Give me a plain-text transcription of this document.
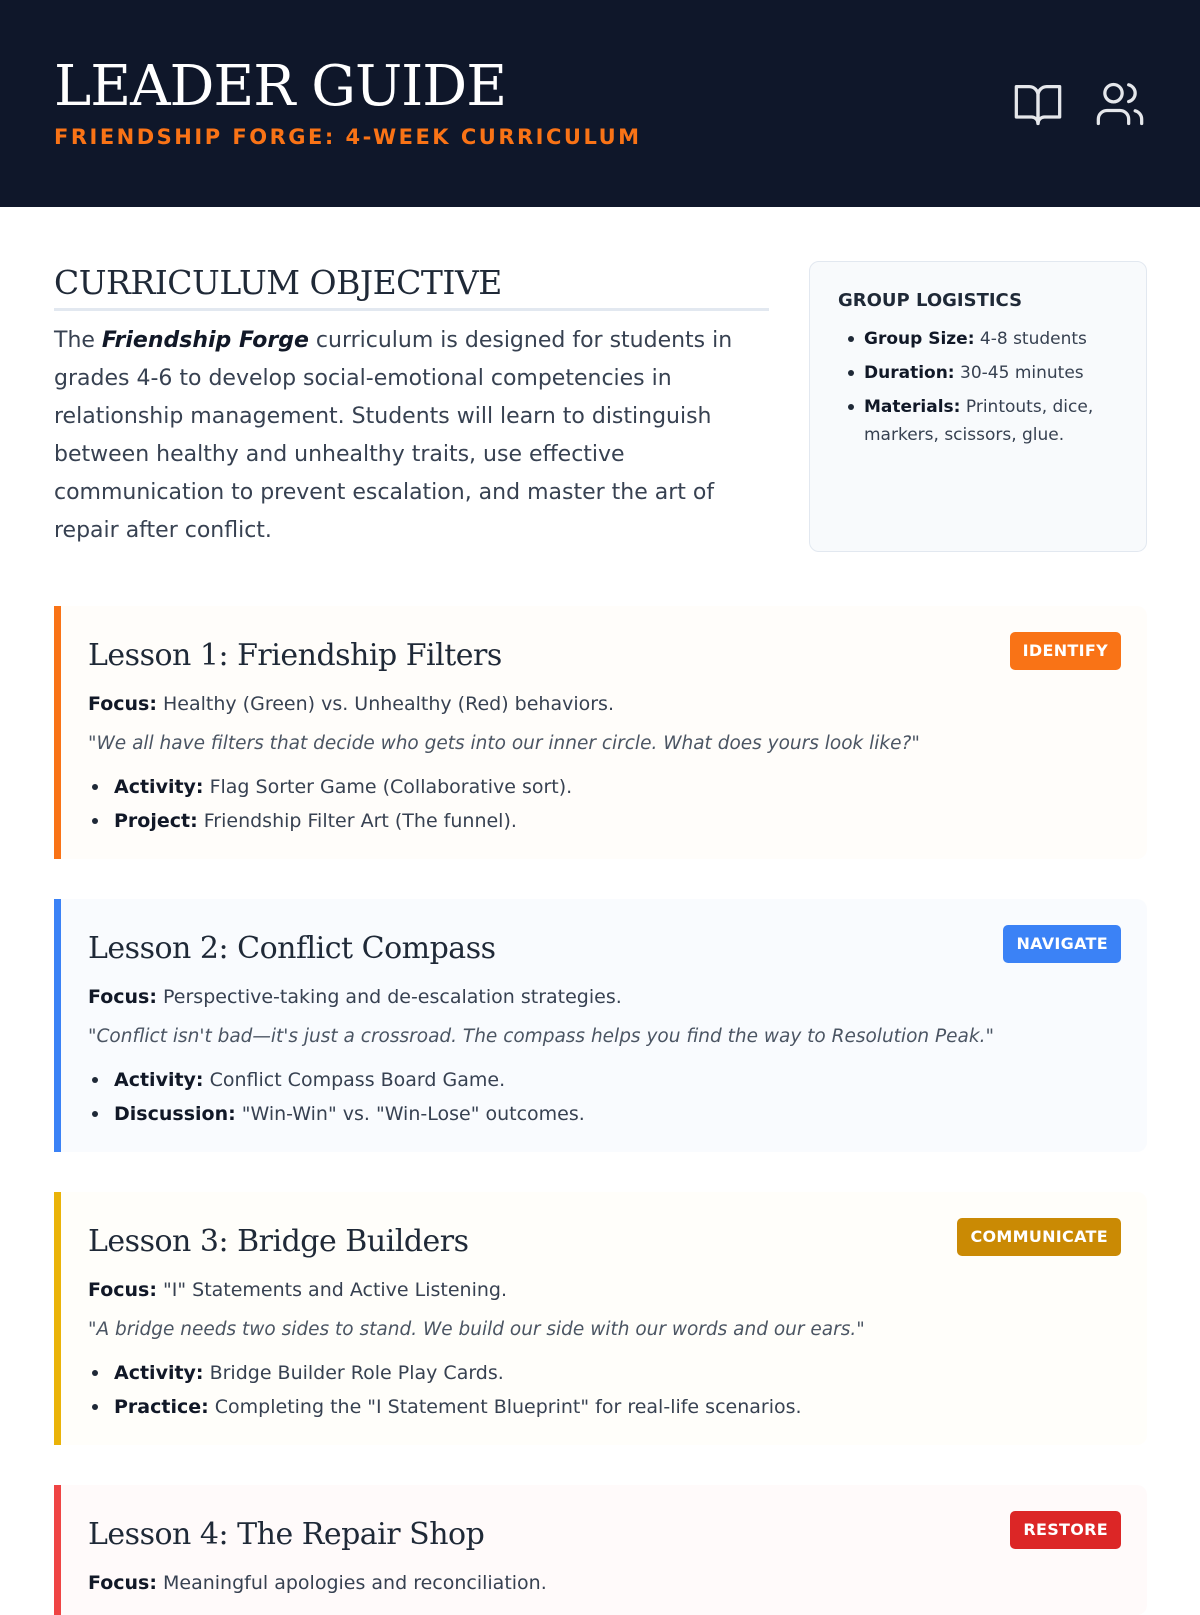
LEADER GUIDE
FRIENDSHIP FORGE: 4-WEEK CURRICULUM
CURRICULUM OBJECTIVE

The Friendship Forge curriculum is designed for students in grades 4-6 to develop social-emotional competencies in relationship management. Students will learn to distinguish between healthy and unhealthy traits, use effective communication to prevent escalation, and master the art of repair after conflict.

GROUP LOGISTICS
Group Size: 4-8 students
Duration: 30-45 minutes
Materials: Printouts, dice, markers, scissors, glue.
Lesson 1: Friendship Filters	IDENTIFY
Focus: Healthy (Green) vs. Unhealthy (Red) behaviors.
"We all have filters that decide who gets into our inner circle. What does yours look like?"
Activity: Flag Sorter Game (Collaborative sort).
Project: Friendship Filter Art (The funnel).
Lesson 2: Conflict Compass	NAVIGATE
Focus: Perspective-taking and de-escalation strategies.
"Conflict isn't bad—it's just a crossroad. The compass helps you find the way to Resolution Peak."
Activity: Conflict Compass Board Game.
Discussion: "Win-Win" vs. "Win-Lose" outcomes.
Lesson 3: Bridge Builders	COMMUNICATE
Focus: "I" Statements and Active Listening.
"A bridge needs two sides to stand. We build our side with our words and our ears."
Activity: Bridge Builder Role Play Cards.
Practice: Completing the "I Statement Blueprint" for real-life scenarios.
Lesson 4: The Repair Shop	RESTORE
Focus: Meaningful apologies and reconciliation.
